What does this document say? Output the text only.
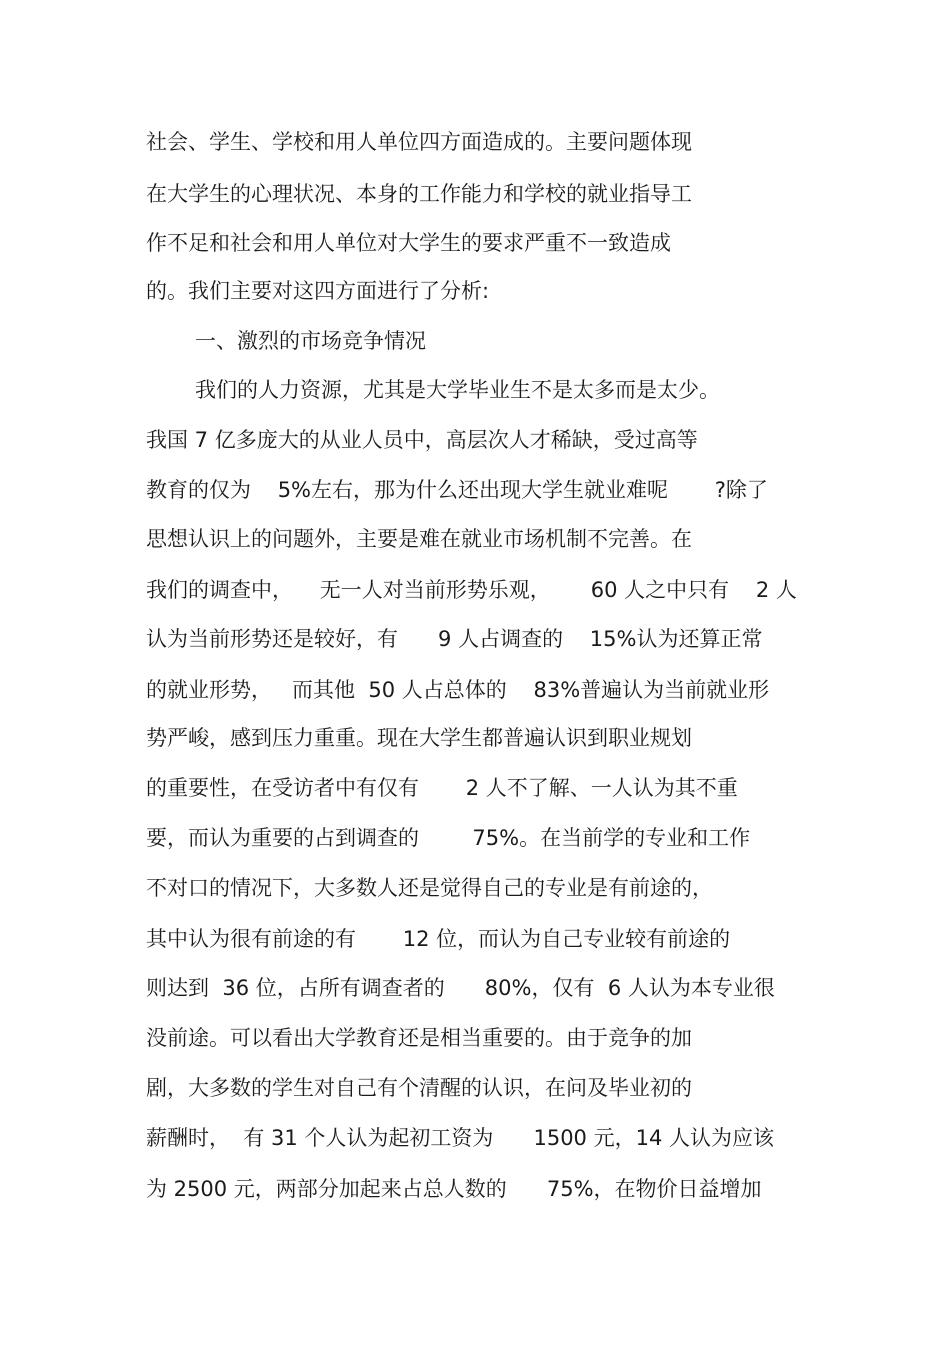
社会、学生、学校和用人单位四方面造成的。主要问题体现
在大学生的心理状况、本身的工作能力和学校的就业指导工
作不足和社会和用人单位对大学生的要求严重不一致造成
的。我们主要对这四方面进行了分析:
一、激烈的市场竞争情况
我们的人力资源，尤其是大学毕业生不是太多而是太少。
我国 7 亿多庞大的从业人员中，高层次人才稀缺，受过高等
教育的仅为    5%左右，那为什么还出现大学生就业难呢       ?除了
思想认识上的问题外，主要是难在就业市场机制不完善。在
我们的调查中，    无一人对当前形势乐观，      60 人之中只有    2 人
认为当前形势还是较好，有      9 人占调查的    15%认为还算正常
的就业形势，   而其他  50 人占总体的    83%普遍认为当前就业形
势严峻，感到压力重重。现在大学生都普遍认识到职业规划
的重要性，在受访者中有仅有       2 人不了解、一人认为其不重
要，而认为重要的占到调查的        75%。在当前学的专业和工作
不对口的情况下，大多数人还是觉得自己的专业是有前途的，
其中认为很有前途的有       12 位，而认为自己专业较有前途的
则达到  36 位，占所有调查者的      80%，仅有  6 人认为本专业很
没前途。可以看出大学教育还是相当重要的。由于竞争的加
剧，大多数的学生对自己有个清醒的认识，在问及毕业初的
薪酬时，  有 31 个人认为起初工资为      1500 元，14 人认为应该
为 2500 元，两部分加起来占总人数的      75%，在物价日益增加
